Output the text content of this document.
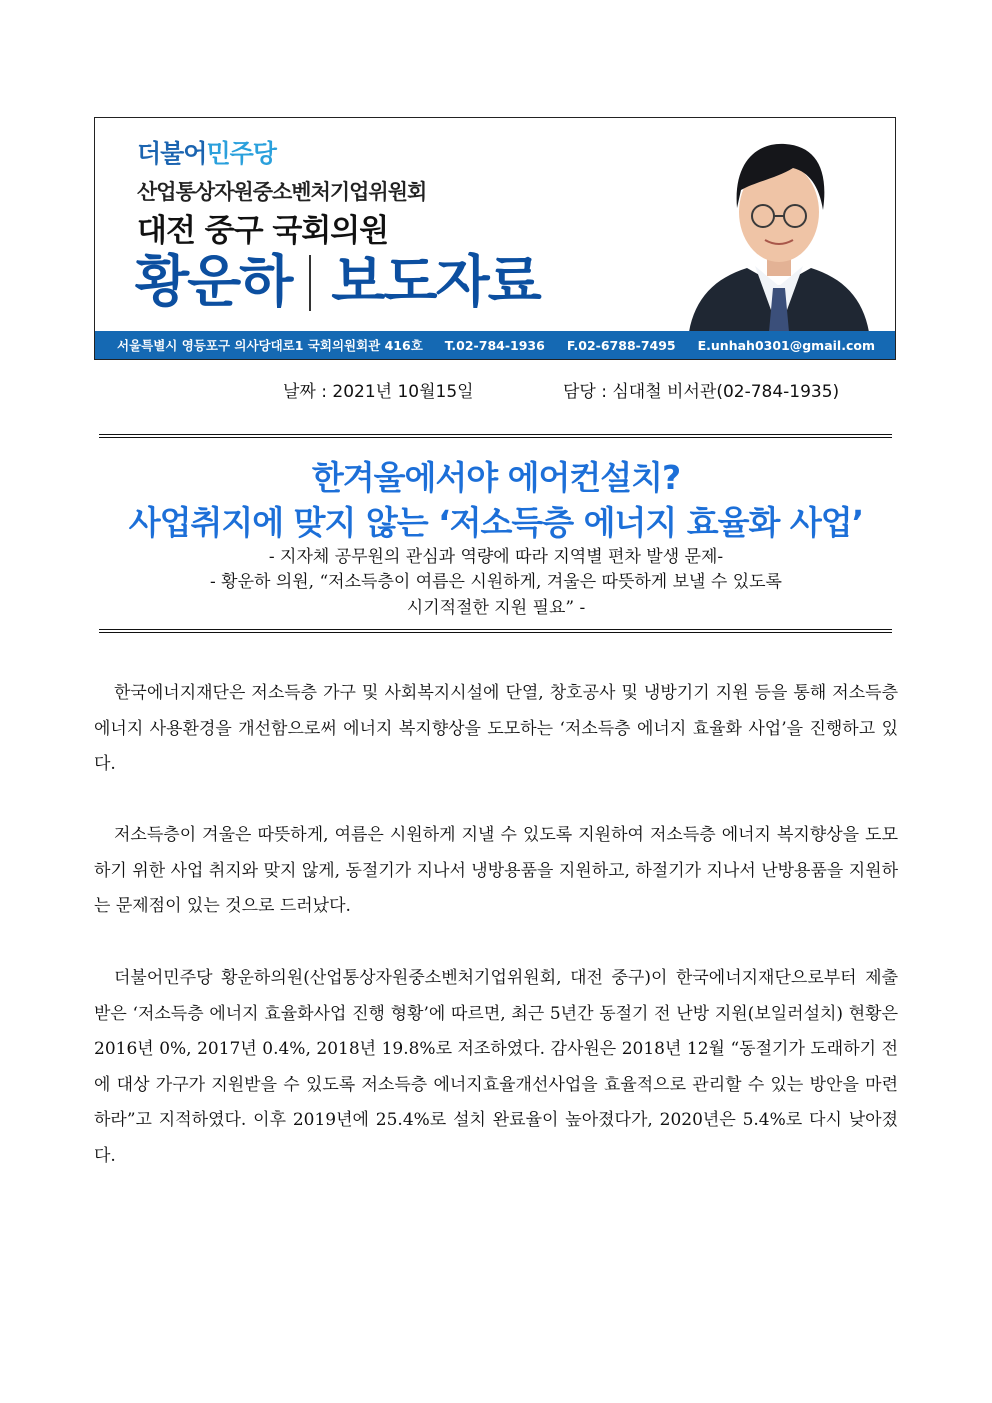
더불어민주당
산업통상자원중소벤처기업위원회
대전 중구 국회의원
황운하 보도자료
서울특별시 영등포구 의사당대로1 국회의원회관 416호 T.02-784-1936 F.02-6788-7495 E.unhah0301@gmail.com
날짜 : 2021년 10월15일	담당 : 심대철 비서관(02-784-1935)
한겨울에서야 에어컨설치?
사업취지에 맞지 않는 ‘저소득층 에너지 효율화 사업’
- 지자체 공무원의 관심과 역량에 따라 지역별 편차 발생 문제-
- 황운하 의원, “저소득층이 여름은 시원하게, 겨울은 따뜻하게 보낼 수 있도록
시기적절한 지원 필요” -

한국에너지재단은 저소득층 가구 및 사회복지시설에 단열, 창호공사 및 냉방기기 지원 등을 통해 저소득층 에너지 사용환경을 개선함으로써 에너지 복지향상을 도모하는 ‘저소득층 에너지 효율화 사업’을 진행하고 있다.

저소득층이 겨울은 따뜻하게, 여름은 시원하게 지낼 수 있도록 지원하여 저소득층 에너지 복지향상을 도모하기 위한 사업 취지와 맞지 않게, 동절기가 지나서 냉방용품을 지원하고, 하절기가 지나서 난방용품을 지원하는 문제점이 있는 것으로 드러났다.

더불어민주당 황운하의원(산업통상자원중소벤처기업위원회, 대전 중구)이 한국에너지재단으로부터 제출받은 ‘저소득층 에너지 효율화사업 진행 형황’에 따르면, 최근 5년간 동절기 전 난방 지원(보일러설치) 현황은 2016년 0%, 2017년 0.4%, 2018년 19.8%로 저조하였다. 감사원은 2018년 12월 “동절기가 도래하기 전에 대상 가구가 지원받을 수 있도록 저소득층 에너지효율개선사업을 효율적으로 관리할 수 있는 방안을 마련하라”고 지적하였다. 이후 2019년에 25.4%로 설치 완료율이 높아졌다가, 2020년은 5.4%로 다시 낮아졌다.
